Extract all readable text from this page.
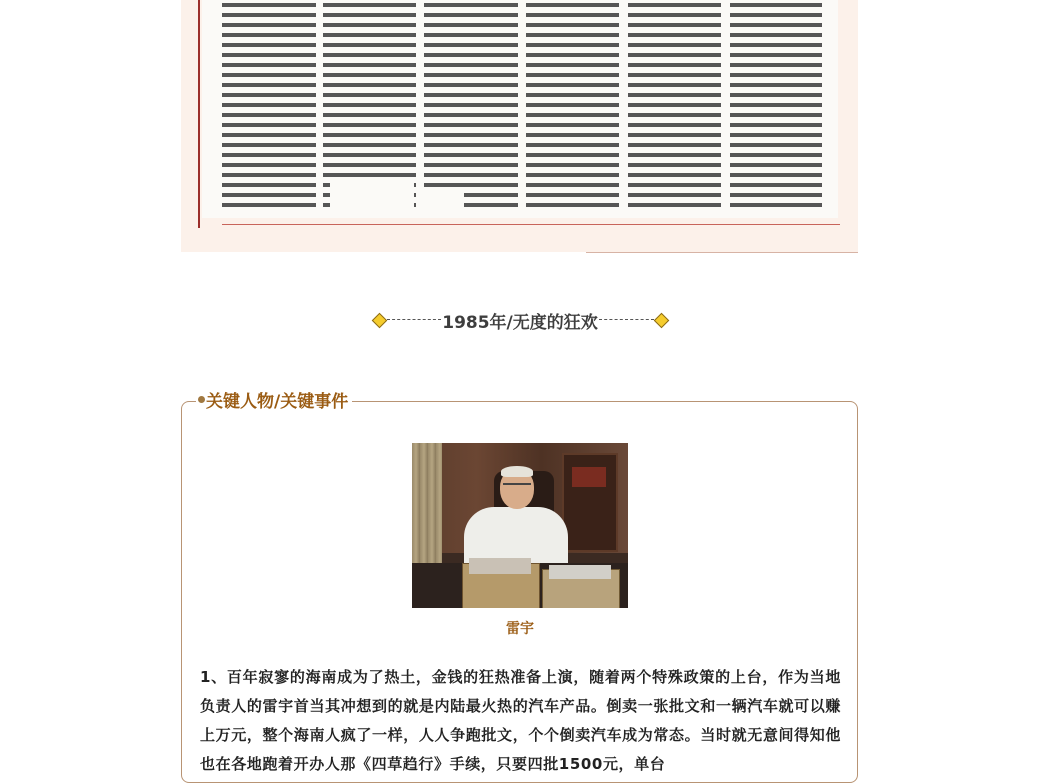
1985年/无度的狂欢
关键人物/关键事件
雷宇
1、百年寂寥的海南成为了热土，金钱的狂热准备上演，随着两个特殊政策的上台，作为当地负责人的雷宇首当其冲想到的就是内陆最火热的汽车产品。倒卖一张批文和一辆汽车就可以赚上万元，整个海南人疯了一样，人人争跑批文，个个倒卖汽车成为常态。当时就无意间得知他也在各地跑着开办人那《四草趋行》手续，只要四批1500元，单台
